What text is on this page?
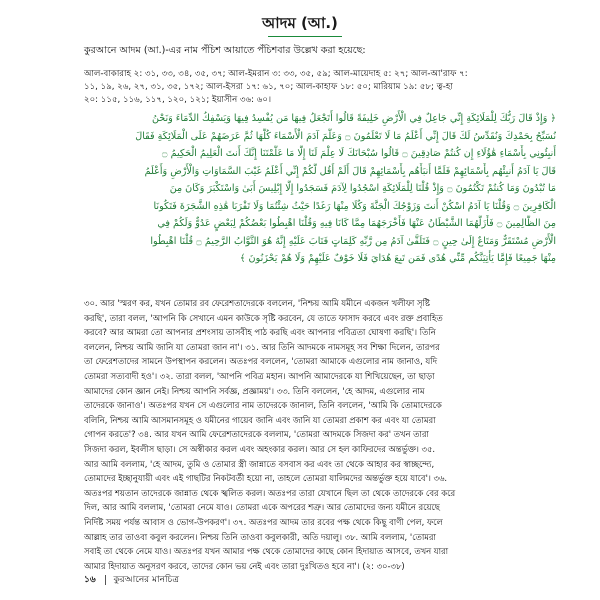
আদম (আ.)
কুরআনে আদম (আ.)-এর নাম পঁচিশ আয়াতে পঁচিশবার উল্লেখ করা হয়েছে:
আল-বাকারাহ ২: ৩১, ৩৩, ৩৪, ৩৫, ৩৭; আল-ইমরান ৩: ৩৩, ৩৫, ৫৯; আল-মায়েদাহ ৫: ২৭; আল-আ'রাফ ৭:
১১, ১৯, ২৬, ২৭, ৩১, ৩৫, ১৭২; আল-ইসরা ১৭: ৬১, ৭০; আল-কাহাফ ১৮: ৫০; মারিয়াম ১৯: ৫৮; ত্ব-হা
২০: ১১৫, ১১৬, ১১৭, ১২০, ১২১; ইয়াসীন ৩৬: ৬০।
﴿ وَإِذْ قَالَ رَبُّكَ لِلْمَلَائِكَةِ إِنِّي جَاعِلٌ فِي الْأَرْضِ خَلِيفَةً قَالُوا أَتَجْعَلُ فِيهَا مَن يُفْسِدُ فِيهَا وَيَسْفِكُ الدِّمَاءَ وَنَحْنُ
نُسَبِّحُ بِحَمْدِكَ وَنُقَدِّسُ لَكَ قَالَ إِنِّي أَعْلَمُ مَا لَا تَعْلَمُونَ ۝ وَعَلَّمَ آدَمَ الْأَسْمَاءَ كُلَّهَا ثُمَّ عَرَضَهُمْ عَلَى الْمَلَائِكَةِ فَقَالَ
أَنبِئُونِي بِأَسْمَاءِ هَٰؤُلَاءِ إِن كُنتُمْ صَادِقِينَ ۝ قَالُوا سُبْحَانَكَ لَا عِلْمَ لَنَا إِلَّا مَا عَلَّمْتَنَا إِنَّكَ أَنتَ الْعَلِيمُ الْحَكِيمُ ۝
قَالَ يَا آدَمُ أَنبِئْهُم بِأَسْمَائِهِمْ فَلَمَّا أَنبَأَهُم بِأَسْمَائِهِمْ قَالَ أَلَمْ أَقُل لَّكُمْ إِنِّي أَعْلَمُ غَيْبَ السَّمَاوَاتِ وَالْأَرْضِ وَأَعْلَمُ
مَا تُبْدُونَ وَمَا كُنتُمْ تَكْتُمُونَ ۝ وَإِذْ قُلْنَا لِلْمَلَائِكَةِ اسْجُدُوا لِآدَمَ فَسَجَدُوا إِلَّا إِبْلِيسَ أَبَىٰ وَاسْتَكْبَرَ وَكَانَ مِنَ
الْكَافِرِينَ ۝ وَقُلْنَا يَا آدَمُ اسْكُنْ أَنتَ وَزَوْجُكَ الْجَنَّةَ وَكُلَا مِنْهَا رَغَدًا حَيْثُ شِئْتُمَا وَلَا تَقْرَبَا هَٰذِهِ الشَّجَرَةَ فَتَكُونَا
مِنَ الظَّالِمِينَ ۝ فَأَزَلَّهُمَا الشَّيْطَانُ عَنْهَا فَأَخْرَجَهُمَا مِمَّا كَانَا فِيهِ وَقُلْنَا اهْبِطُوا بَعْضُكُمْ لِبَعْضٍ عَدُوٌّ وَلَكُمْ فِي
الْأَرْضِ مُسْتَقَرٌّ وَمَتَاعٌ إِلَىٰ حِينٍ ۝ فَتَلَقَّىٰ آدَمُ مِن رَّبِّهِ كَلِمَاتٍ فَتَابَ عَلَيْهِ إِنَّهُ هُوَ التَّوَّابُ الرَّحِيمُ ۝ قُلْنَا اهْبِطُوا
مِنْهَا جَمِيعًا فَإِمَّا يَأْتِيَنَّكُم مِّنِّي هُدًى فَمَن تَبِعَ هُدَايَ فَلَا خَوْفٌ عَلَيْهِمْ وَلَا هُمْ يَحْزَنُونَ ﴾
৩০. আর 'স্মরণ কর, যখন তোমার রব ফেরেশতাদেরকে বললেন, 'নিশ্চয় আমি যমীনে একজন খলীফা সৃষ্টি
করছি', তারা বলল, 'আপনি কি সেখানে এমন কাউকে সৃষ্টি করবেন, যে তাতে ফাসাদ করবে এবং রক্ত প্রবাহিত
করবে? আর আমরা তো আপনার প্রশংসায় তাসবীহ পাঠ করছি এবং আপনার পবিত্রতা ঘোষণা করছি'। তিনি
বললেন, নিশ্চয় আমি জানি যা তোমরা জান না'। ৩১. আর তিনি আদমকে নামসমূহ সব শিক্ষা দিলেন, তারপর
তা ফেরেশতাদের সামনে উপস্থাপন করলেন। অতঃপর বললেন, 'তোমরা আমাকে এগুলোর নাম জানাও, যদি
তোমরা সত্যবাদী হও'। ৩২. তারা বলল, 'আপনি পবিত্র মহান। আপনি আমাদেরকে যা শিখিয়েছেন, তা ছাড়া
আমাদের কোন জ্ঞান নেই। নিশ্চয় আপনি সর্বজ্ঞ, প্রজ্ঞাময়'। ৩৩. তিনি বললেন, 'হে আদম, এগুলোর নাম
তাদেরকে জানাও'। অতঃপর যখন সে এগুলোর নাম তাদেরকে জানাল, তিনি বললেন, 'আমি কি তোমাদেরকে
বলিনি, নিশ্চয় আমি আসমানসমূহ ও যমীনের গায়েব জানি এবং জানি যা তোমরা প্রকাশ কর এবং যা তোমরা
গোপন করতে'? ৩৪. আর যখন আমি ফেরেশতাদেরকে বললাম, 'তোমরা আদমকে সিজদা কর' তখন তারা
সিজদা করল, ইবলীস ছাড়া। সে অস্বীকার করল এবং অহংকার করল। আর সে হল কাফিরদের অন্তর্ভুক্ত। ৩৫.
আর আমি বললাম, 'হে আদম, তুমি ও তোমার স্ত্রী জান্নাতে বসবাস কর এবং তা থেকে আহার কর স্বাচ্ছন্দ্যে,
তোমাদের ইচ্ছানুযায়ী এবং এই গাছটির নিকটবর্তী হয়ো না, তাহলে তোমরা যালিমদের অন্তর্ভুক্ত হয়ে যাবে'। ৩৬.
অতঃপর শয়তান তাদেরকে জান্নাত থেকে স্খলিত করল। অতঃপর তারা যেখানে ছিল তা থেকে তাদেরকে বের করে
দিল, আর আমি বললাম, 'তোমরা নেমে যাও। তোমরা একে অপরের শত্রু। আর তোমাদের জন্য যমীনে রয়েছে
নির্দিষ্ট সময় পর্যন্ত আবাস ও ভোগ-উপকরণ'। ৩৭. অতঃপর আদম তার রবের পক্ষ থেকে কিছু বাণী পেল, ফলে
আল্লাহ তার তাওবা কবুল করলেন। নিশ্চয় তিনি তাওবা কবুলকারী, অতি দয়ালু। ৩৮. আমি বললাম, 'তোমরা
সবাই তা থেকে নেমে যাও। অতঃপর যখন আমার পক্ষ থেকে তোমাদের কাছে কোন হিদায়াত আসবে, তখন যারা
আমার হিদায়াত অনুসরণ করবে, তাদের কোন ভয় নেই এবং তারা দুঃখিতও হবে না'। (২: ৩০-৩৮)
১৬ কুরআনের মানচিত্র
